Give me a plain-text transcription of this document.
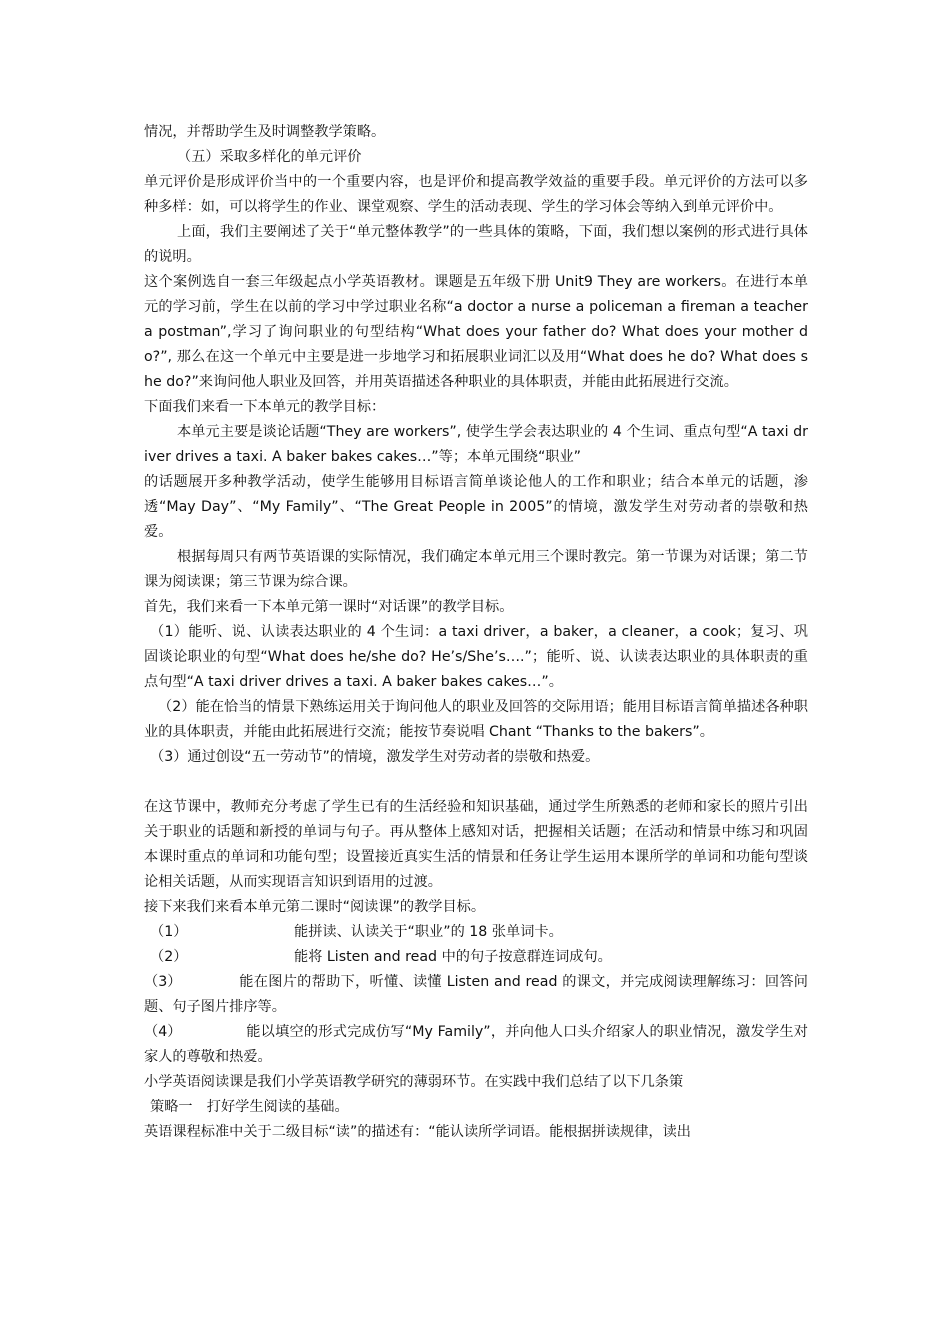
情况，并帮助学生及时调整教学策略。

（五）采取多样化的单元评价

单元评价是形成评价当中的一个重要内容，也是评价和提高教学效益的重要手段。单元评价的方法可以多种多样：如，可以将学生的作业、课堂观察、学生的活动表现、学生的学习体会等纳入到单元评价中。

上面，我们主要阐述了关于“单元整体教学”的一些具体的策略，下面，我们想以案例的形式进行具体的说明。

这个案例选自一套三年级起点小学英语教材。课题是五年级下册 Unit9 They are workers。在进行本单元的学习前，学生在以前的学习中学过职业名称“a doctor a nurse a policeman a fireman a teacher a postman”,学习了询问职业的句型结构“What does your father do? What does your mother do?”, 那么在这一个单元中主要是进一步地学习和拓展职业词汇以及用“What does he do? What does she do?”来询问他人职业及回答，并用英语描述各种职业的具体职责，并能由此拓展进行交流。

下面我们来看一下本单元的教学目标：

本单元主要是谈论话题“They are workers”, 使学生学会表达职业的 4 个生词、重点句型“A taxi driver drives a taxi. A baker bakes cakes…”等；本单元围绕“职业”

的话题展开多种教学活动，使学生能够用目标语言简单谈论他人的工作和职业；结合本单元的话题，渗透“May Day”、“My Family”、“The Great People in 2005”的情境，激发学生对劳动者的崇敬和热爱。

根据每周只有两节英语课的实际情况，我们确定本单元用三个课时教完。第一节课为对话课；第二节课为阅读课；第三节课为综合课。

首先，我们来看一下本单元第一课时“对话课”的教学目标。

（1）能听、说、认读表达职业的 4 个生词：a taxi driver，a baker，a cleaner，a cook；复习、巩固谈论职业的句型“What does he/she do? He’s/She’s….”；能听、说、认读表达职业的具体职责的重点句型“A taxi driver drives a taxi. A baker bakes cakes…”。

（2）能在恰当的情景下熟练运用关于询问他人的职业及回答的交际用语；能用目标语言简单描述各种职业的具体职责，并能由此拓展进行交流；能按节奏说唱 Chant “Thanks to the bakers”。

（3）通过创设“五一劳动节”的情境，激发学生对劳动者的崇敬和热爱。

在这节课中，教师充分考虑了学生已有的生活经验和知识基础，通过学生所熟悉的老师和家长的照片引出关于职业的话题和新授的单词与句子。再从整体上感知对话，把握相关话题；在活动和情景中练习和巩固本课时重点的单词和功能句型；设置接近真实生活的情景和任务让学生运用本课所学的单词和功能句型谈论相关话题，从而实现语言知识到语用的过渡。

接下来我们来看本单元第二课时“阅读课”的教学目标。

（1）	能拼读、认读关于“职业”的 18 张单词卡。

（2）	能将 Listen and read 中的句子按意群连词成句。

（3）	能在图片的帮助下，听懂、读懂 Listen and read 的课文，并完成阅读理解练习：回答问题、句子图片排序等。

（4）	能以填空的形式完成仿写“My Family”，并向他人口头介绍家人的职业情况，激发学生对家人的尊敬和热爱。

小学英语阅读课是我们小学英语教学研究的薄弱环节。在实践中我们总结了以下几条策

策略一　打好学生阅读的基础。

英语课程标准中关于二级目标“读”的描述有：“能认读所学词语。能根据拼读规律，读出
